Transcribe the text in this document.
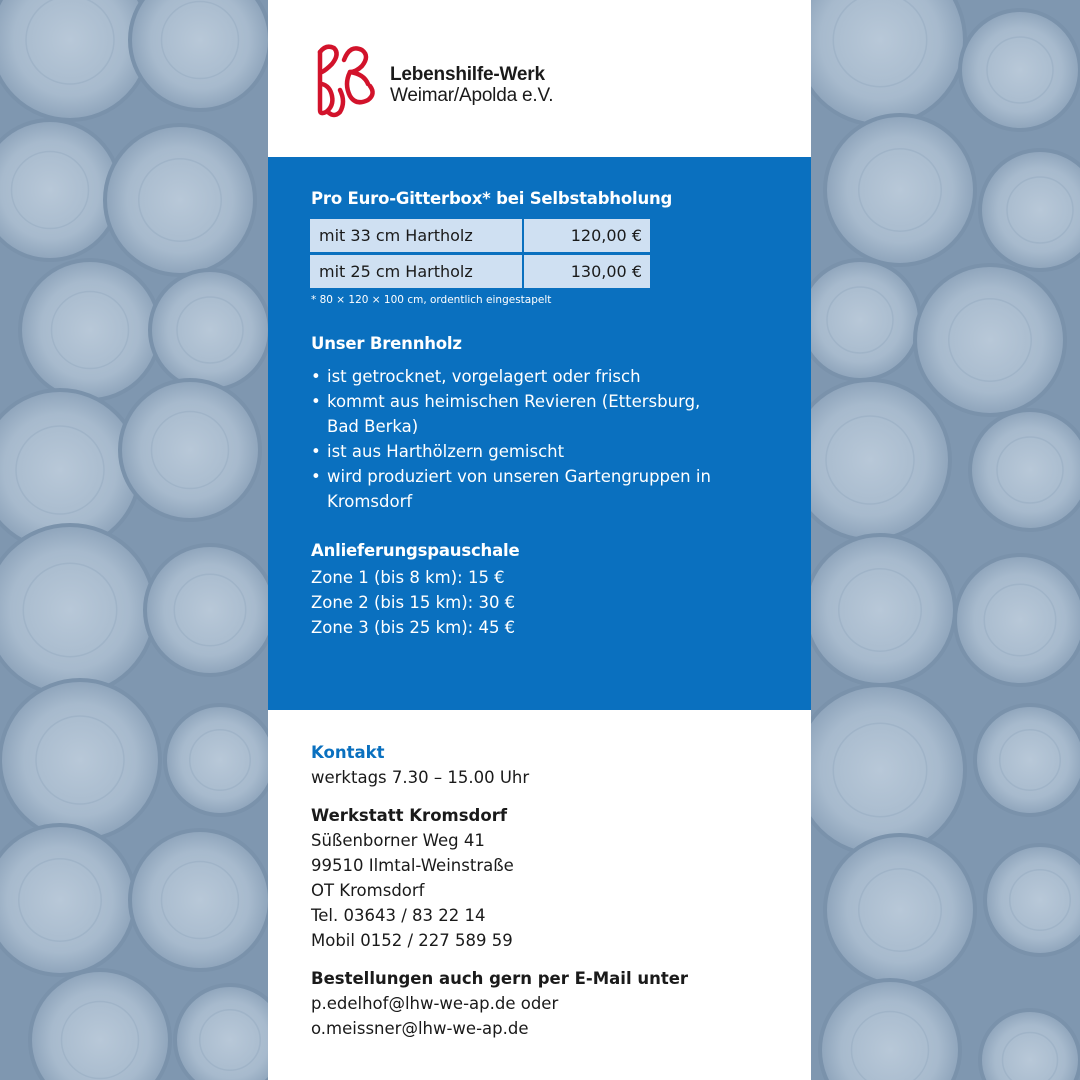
Lebenshilfe-Werk
Weimar/Apolda e.V.
Pro Euro-Gitterbox* bei Selbstabholung
mit 33 cm Hartholz	120,00 €
mit 25 cm Hartholz	130,00 €
* 80 × 120 × 100 cm, ordentlich eingestapelt
Unser Brennholz
• ist getrocknet, vorgelagert oder frisch
• kommt aus heimischen Revieren (Ettersburg, Bad Berka)
• ist aus Harthölzern gemischt
• wird produziert von unseren Gartengruppen in Kromsdorf
Anlieferungspauschale
Zone 1 (bis 8 km): 15 €
Zone 2 (bis 15 km): 30 €
Zone 3 (bis 25 km): 45 €
Kontakt
werktags 7.30 – 15.00 Uhr
Werkstatt Kromsdorf
Süßenborner Weg 41
99510 Ilmtal-Weinstraße
OT Kromsdorf
Tel. 03643 / 83 22 14
Mobil 0152 / 227 589 59
Bestellungen auch gern per E-Mail unter
p.edelhof@lhw-we-ap.de oder
o.meissner@lhw-we-ap.de
